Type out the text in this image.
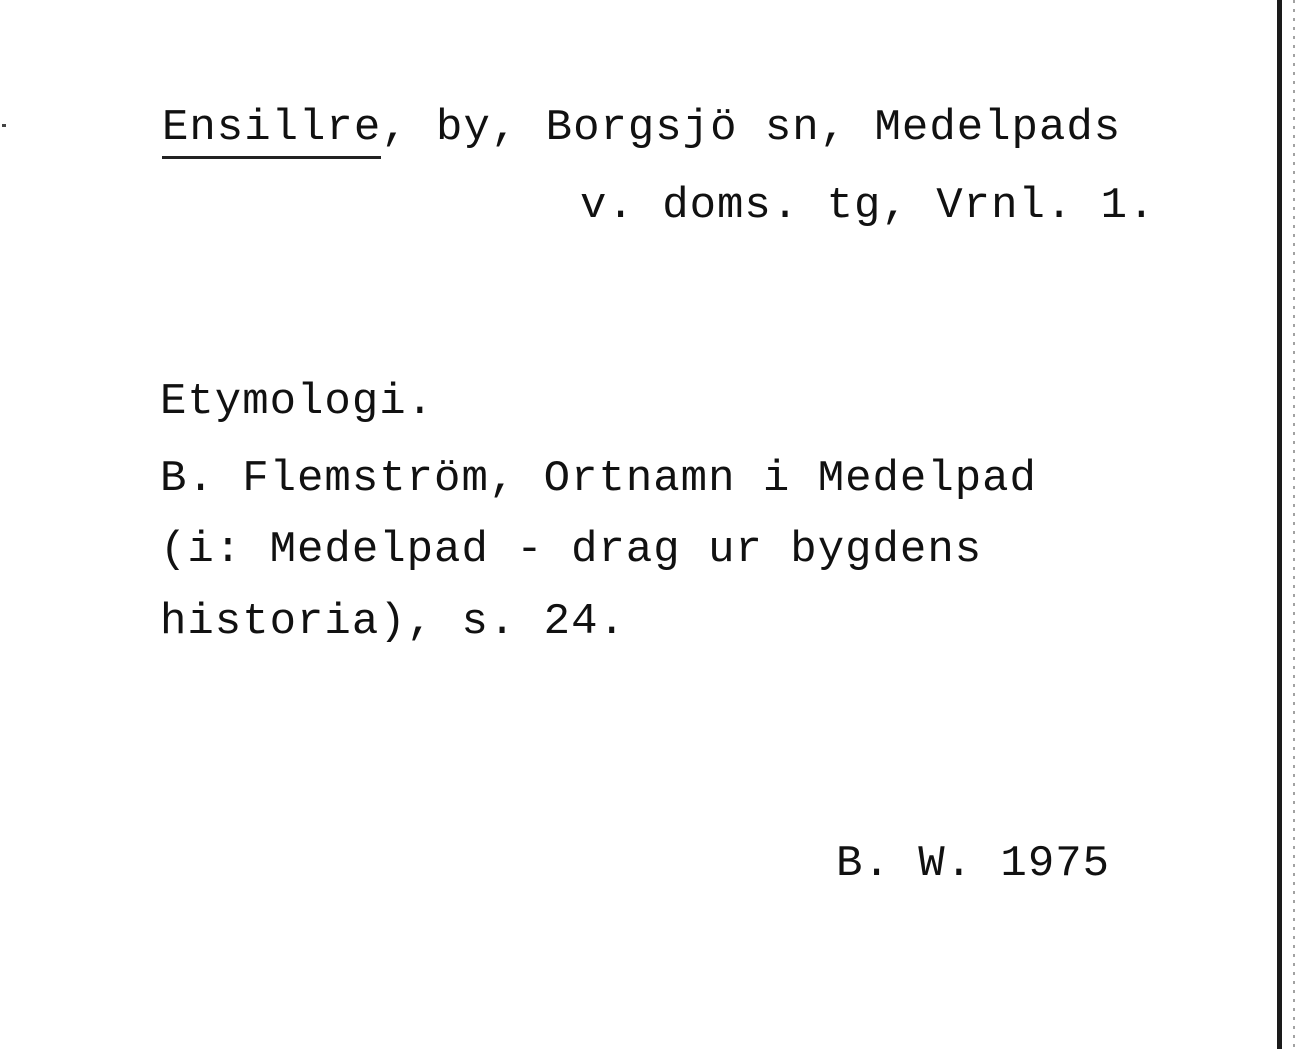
Ensillre, by, Borgsjö sn, Medelpads
v. doms. tg, Vrnl. 1.
Etymologi.
B. Flemström, Ortnamn i Medelpad
(i: Medelpad - drag ur bygdens
historia), s. 24.
B. W. 1975
